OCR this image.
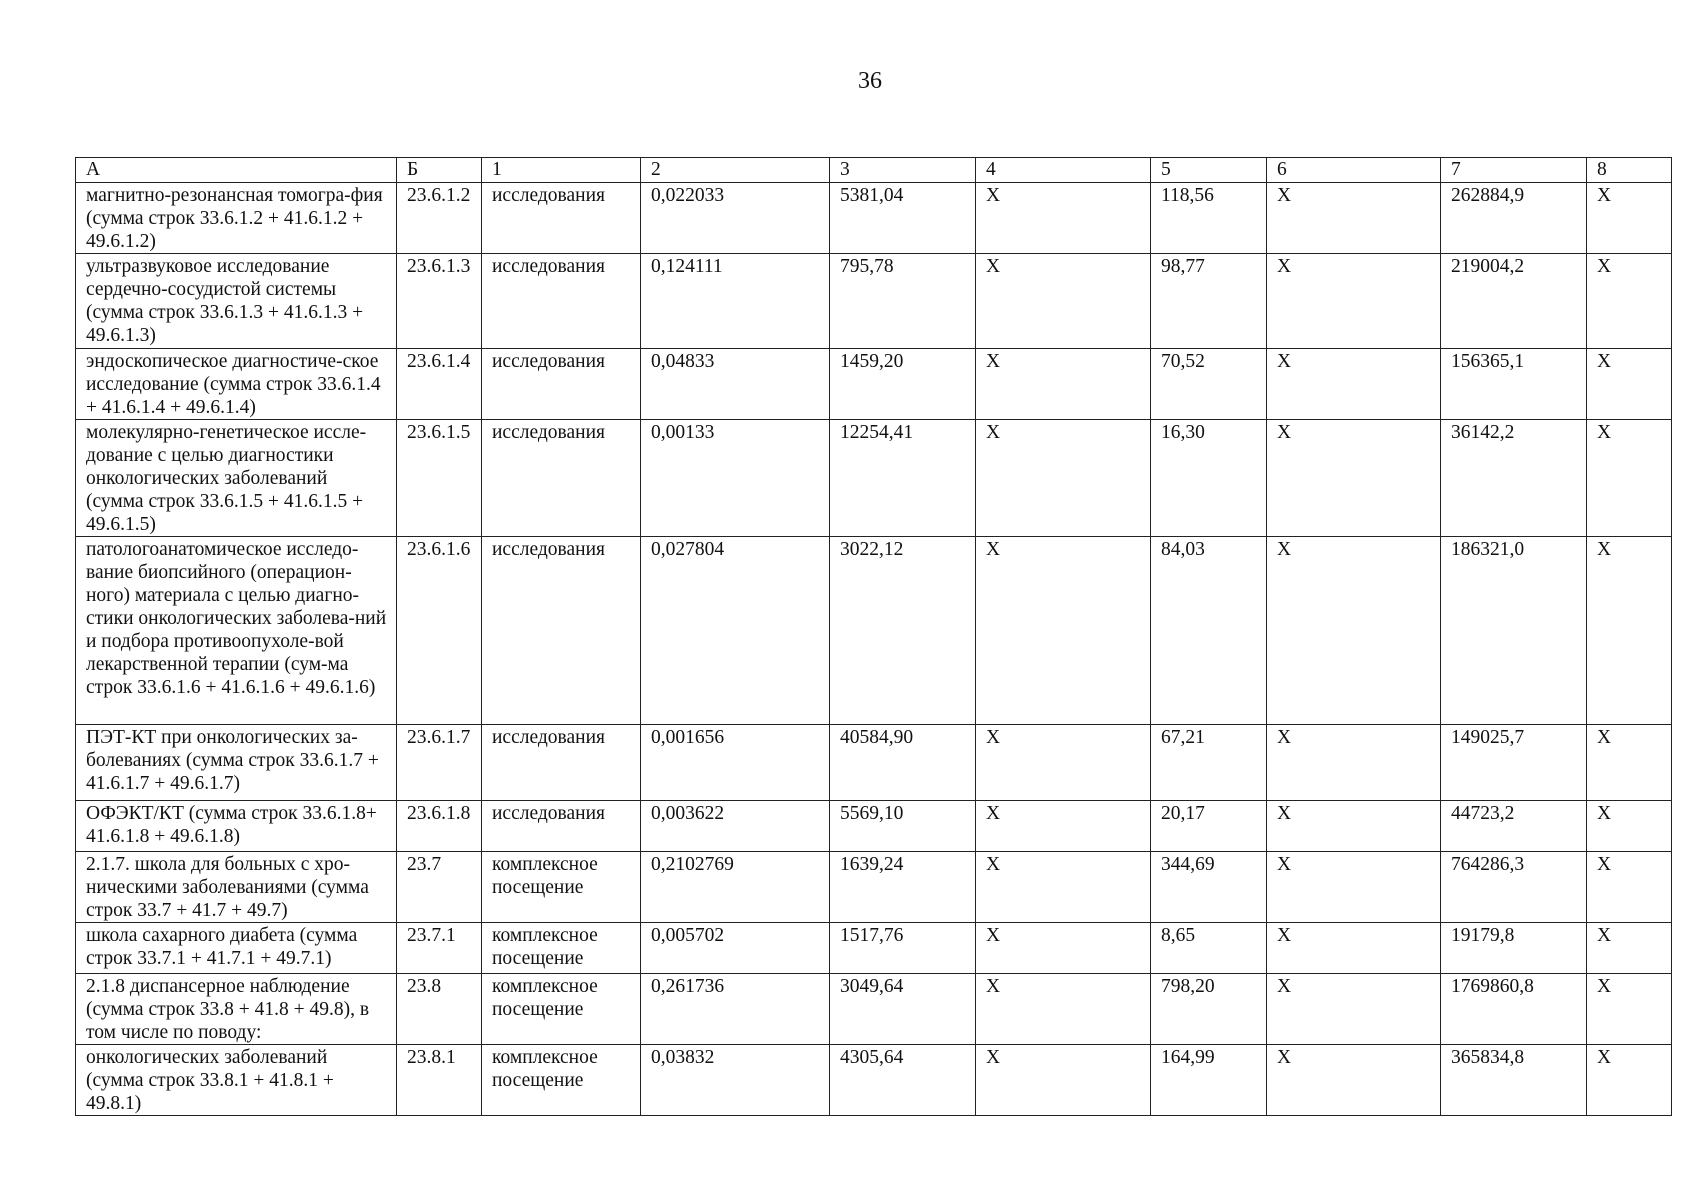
36
А	Б	1	2	3	4	5	6	7	8
магнитно-резонансная томогра-фия (сумма строк 33.6.1.2 + 41.6.1.2 + 49.6.1.2)	23.6.1.2	исследования	0,022033	5381,04	X	118,56	X	262884,9	X
ультразвуковое исследование сердечно-сосудистой системы (сумма строк 33.6.1.3 + 41.6.1.3 + 49.6.1.3)	23.6.1.3	исследования	0,124111	795,78	X	98,77	X	219004,2	X
эндоскопическое диагностиче-ское исследование (сумма строк 33.6.1.4 + 41.6.1.4 + 49.6.1.4)	23.6.1.4	исследования	0,04833	1459,20	X	70,52	X	156365,1	X
молекулярно-генетическое иссле-дование с целью диагностики онкологических заболеваний (сумма строк 33.6.1.5 + 41.6.1.5 + 49.6.1.5)	23.6.1.5	исследования	0,00133	12254,41	X	16,30	X	36142,2	X
патологоанатомическое исследо-вание биопсийного (операцион-ного) материала с целью диагно-стики онкологических заболева-ний и подбора противоопухоле-вой лекарственной терапии (сум-ма строк 33.6.1.6 + 41.6.1.6 + 49.6.1.6)	23.6.1.6	исследования	0,027804	3022,12	X	84,03	X	186321,0	X
ПЭТ-КТ при онкологических за-болеваниях (сумма строк 33.6.1.7 + 41.6.1.7 + 49.6.1.7)	23.6.1.7	исследования	0,001656	40584,90	X	67,21	X	149025,7	X
ОФЭКТ/КТ (сумма строк 33.6.1.8+ 41.6.1.8 + 49.6.1.8)	23.6.1.8	исследования	0,003622	5569,10	X	20,17	X	44723,2	X
2.1.7. школа для больных с хро-ническими заболеваниями (сумма строк 33.7 + 41.7 + 49.7)	23.7	комплексное посещение	0,2102769	1639,24	X	344,69	X	764286,3	X
школа сахарного диабета (сумма строк 33.7.1 + 41.7.1 + 49.7.1)	23.7.1	комплексное посещение	0,005702	1517,76	X	8,65	X	19179,8	X
2.1.8 диспансерное наблюдение (сумма строк 33.8 + 41.8 + 49.8), в том числе по поводу:	23.8	комплексное посещение	0,261736	3049,64	X	798,20	X	1769860,8	X
онкологических заболеваний (сумма строк 33.8.1 + 41.8.1 + 49.8.1)	23.8.1	комплексное посещение	0,03832	4305,64	X	164,99	X	365834,8	X
